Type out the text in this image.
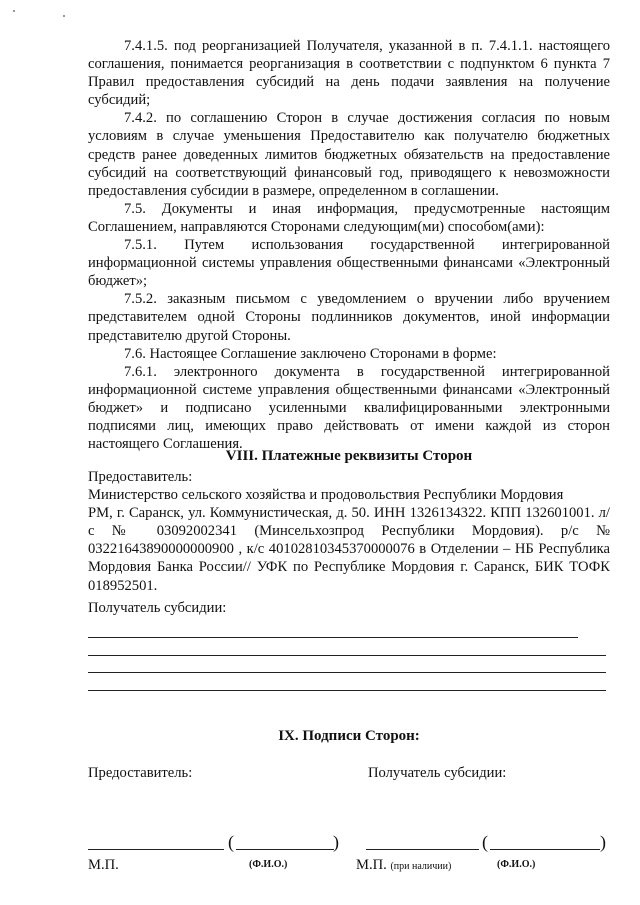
7.4.1.5. под реорганизацией Получателя, указанной в п. 7.4.1.1. настоящего соглашения, понимается реорганизация в соответствии с подпунктом 6 пункта 7 Правил предоставления субсидий на день подачи заявления на получение субсидий;

7.4.2. по соглашению Сторон в случае достижения согласия по новым условиям в случае уменьшения Предоставителю как получателю бюджетных средств ранее доведенных лимитов бюджетных обязательств на предоставление субсидий на соответствующий финансовый год, приводящего к невозможности предоставления субсидии в размере, определенном в соглашении.

7.5. Документы и иная информация, предусмотренные настоящим Соглашением, направляются Сторонами следующим(ми) способом(ами):

7.5.1. Путем использования государственной интегрированной информационной системы управления общественными финансами «Электронный бюджет»;

7.5.2. заказным письмом с уведомлением о вручении либо вручением представителем одной Стороны подлинников документов, иной информации представителю другой Стороны.

7.6. Настоящее Соглашение заключено Сторонами в форме:

7.6.1. электронного документа в государственной интегрированной информационной системе управления общественными финансами «Электронный бюджет» и подписано усиленными квалифицированными электронными подписями лиц, имеющих право действовать от имени каждой из сторон настоящего Соглашения.

VIII. Платежные реквизиты Сторон

Предоставитель:

Министерство сельского хозяйства и продовольствия Республики Мордовия

РМ, г. Саранск, ул. Коммунистическая, д. 50. ИНН 1326134322. КПП 132601001. л/с № 03092002341 (Минсельхозпрод Республики Мордовия). р/с № 03221643890000000900 , к/с 40102810345370000076 в Отделении – НБ Республика Мордовия Банка России// УФК по Республике Мордовия г. Саранск, БИК ТОФК 018952501.

Получатель субсидии:
IX. Подписи Сторон:
Предоставитель:	Получатель субсидии:
(	)	(	)
М.П.	(Ф.И.О.)	М.П. (при наличии)	(Ф.И.О.)
